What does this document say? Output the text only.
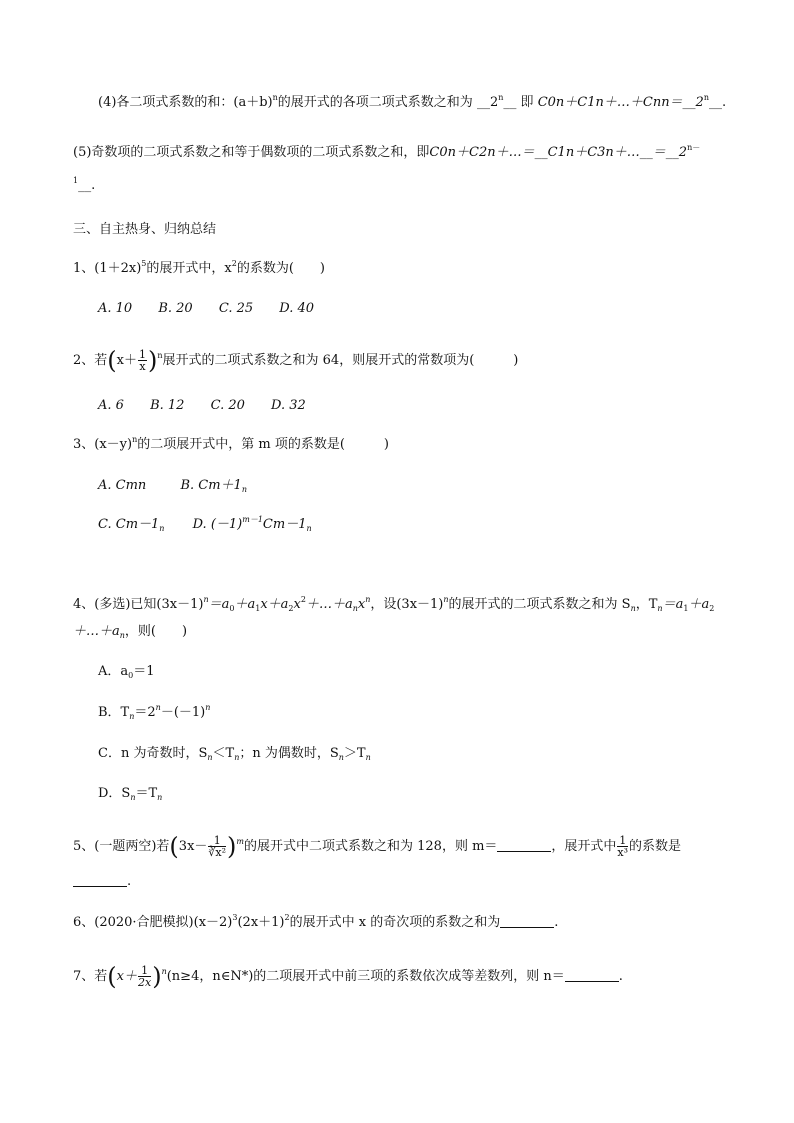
(4)各二项式系数的和：$(a+b)^n$的展开式的各项二项式系数之和为 __2$^n$__ 即 $C0n+C1n+\dots+Cnn=\_\_2^n\_\_$.
(5)奇数项的二项式系数之和等于偶数项的二项式系数之和，即$C0n+C2n+\dots=\_\_C1n+C3n+\dots\_\_=\_\_2^{n-}$
$^1$__.
三、自主热身、归纳总结
1、$(1+2x)^5$的展开式中，$x^2$的系数为(　　)
A. 10 B. 20 C. 25 D. 40
2、若$(x+ \frac{1}{x} )^n$展开式的二项式系数之和为 64，则展开式的常数项为(　　　)
A. 6 B. 12 C. 20 D. 32
3、$(x-y)^n$的二项展开式中，第 m 项的系数是(　　　)
A. Cmn	B. $Cm+1_n$
C. $Cm-1_n$ D. $(-1)^{m-1}Cm-1_n$
4、(多选)已知$(3x-1)^n=a_0+a_1x+a_2x^2+\dots+a_nx^n$，设$(3x-1)^n$的展开式的二项式系数之和为 $S_n$，$T_n=a_1+a_2$
$+\dots+a_n$，则(　　)
A．$a_0=1$
B．$T_n=2^n-(-1)^n$
C．n 为奇数时，$S_n<T_n$；n 为偶数时，$S_n>T_n$
D．$S_n=T_n$
5、(一题两空)若$(3x- \frac{1}{\text{∛x²}} )^m$的展开式中二项式系数之和为 128，则 m＝	，展开式中 $\frac{1}{\text{x³}}$ 的系数是
.
6、(2020·合肥模拟)$(x-2)^3(2x+1)^2$的展开式中 x 的奇次项的系数之和为	.
7、若$(x+ \frac{1}{2x} )^n(n\ge 4$，n∈N*)的二项展开式中前三项的系数依次成等差数列，则 n＝	.
